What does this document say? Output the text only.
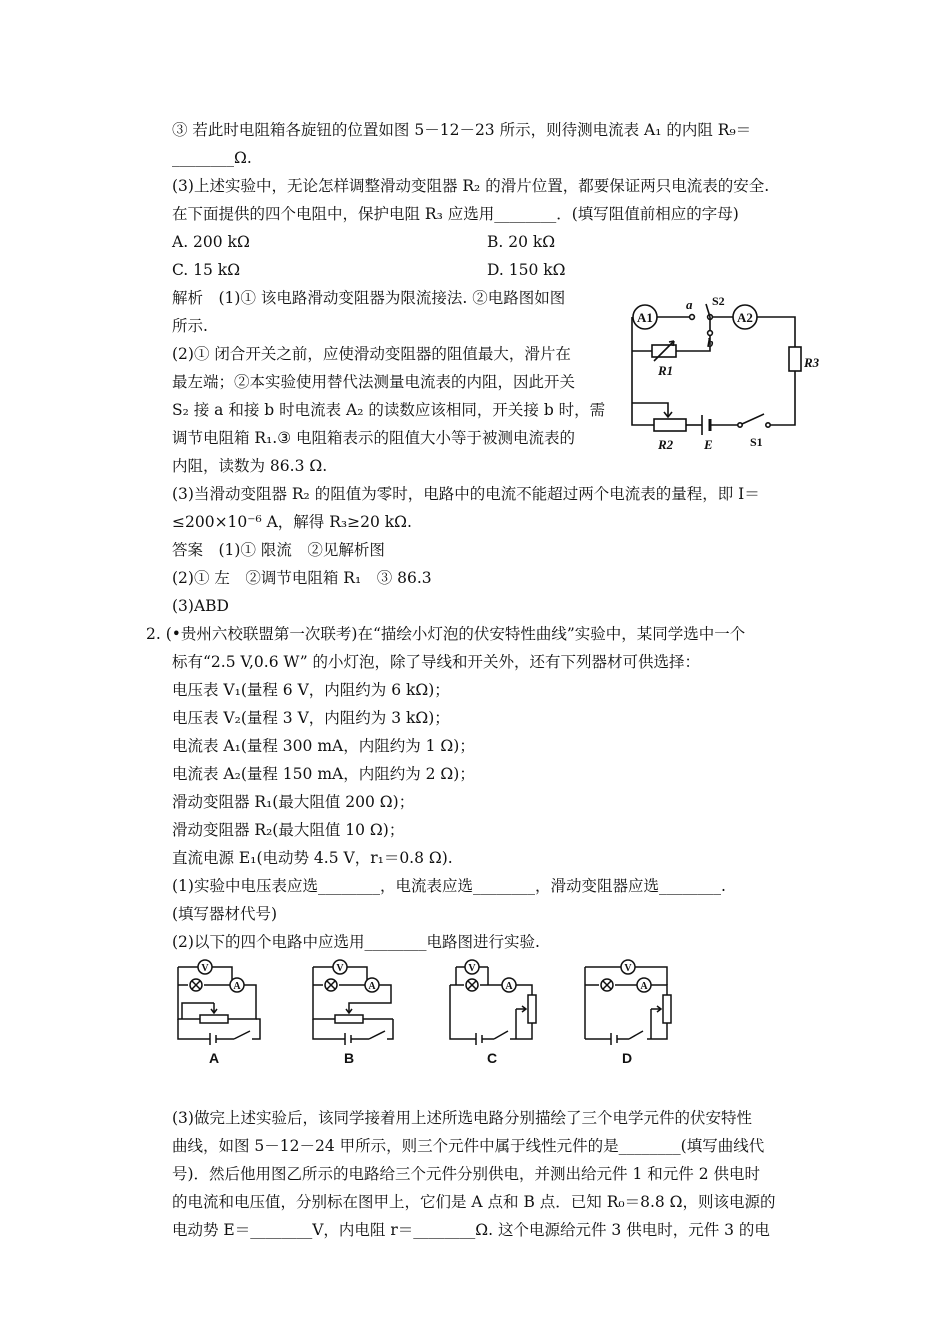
③ 若此时电阻箱各旋钮的位置如图 5－12－23 所示，则待测电流表 A₁ 的内阻 R₉＝
________Ω.
(3)上述实验中，无论怎样调整滑动变阻器 R₂ 的滑片位置，都要保证两只电流表的安全.
在下面提供的四个电阻中，保护电阻 R₃ 应选用________．(填写阻值前相应的字母)
A. 200 kΩ	B. 20 kΩ
C. 15 kΩ	D. 150 kΩ
解析　(1)① 该电路滑动变阻器为限流接法. ②电路图如图
所示.
(2)① 闭合开关之前，应使滑动变阻器的阻值最大，滑片在
最左端；②本实验使用替代法测量电流表的内阻，因此开关
S₂ 接 a 和接 b 时电流表 A₂ 的读数应该相同，开关接 b 时，需
调节电阻箱 R₁.③ 电阻箱表示的阻值大小等于被测电流表的
内阻，读数为 86.3 Ω.
(3)当滑动变阻器 R₂ 的阻值为零时，电路中的电流不能超过两个电流表的量程，即 I＝
≤200×10⁻⁶ A，解得 R₃≥20 kΩ.
答案　(1)① 限流　②见解析图
(2)① 左　②调节电阻箱 R₁　③ 86.3
(3)ABD
2. (•贵州六校联盟第一次联考)在“描绘小灯泡的伏安特性曲线”实验中，某同学选中一个
标有“2.5 V,0.6 W” 的小灯泡，除了导线和开关外，还有下列器材可供选择：
电压表 V₁(量程 6 V，内阻约为 6 kΩ)；
电压表 V₂(量程 3 V，内阻约为 3 kΩ)；
电流表 A₁(量程 300 mA，内阻约为 1 Ω)；
电流表 A₂(量程 150 mA，内阻约为 2 Ω)；
滑动变阻器 R₁(最大阻值 200 Ω)；
滑动变阻器 R₂(最大阻值 10 Ω)；
直流电源 E₁(电动势 4.5 V，r₁＝0.8 Ω).
(1)实验中电压表应选________，电流表应选________，滑动变阻器应选________.
(填写器材代号)
(2)以下的四个电路中应选用________电路图进行实验.
(3)做完上述实验后，该同学接着用上述所选电路分别描绘了三个电学元件的伏安特性
曲线，如图 5－12－24 甲所示，则三个元件中属于线性元件的是________(填写曲线代
号)．然后他用图乙所示的电路给三个元件分别供电，并测出给元件 1 和元件 2 供电时
的电流和电压值，分别标在图甲上，它们是 A 点和 B 点．已知 R₀＝8.8 Ω，则该电源的
电动势 E＝________V，内电阻 r＝________Ω. 这个电源给元件 3 供电时，元件 3 的电
A1
a S2
A2
b
R1
R3
R2 E	S1
V
A
A
V
A
B
V
A
C
V
A
D
